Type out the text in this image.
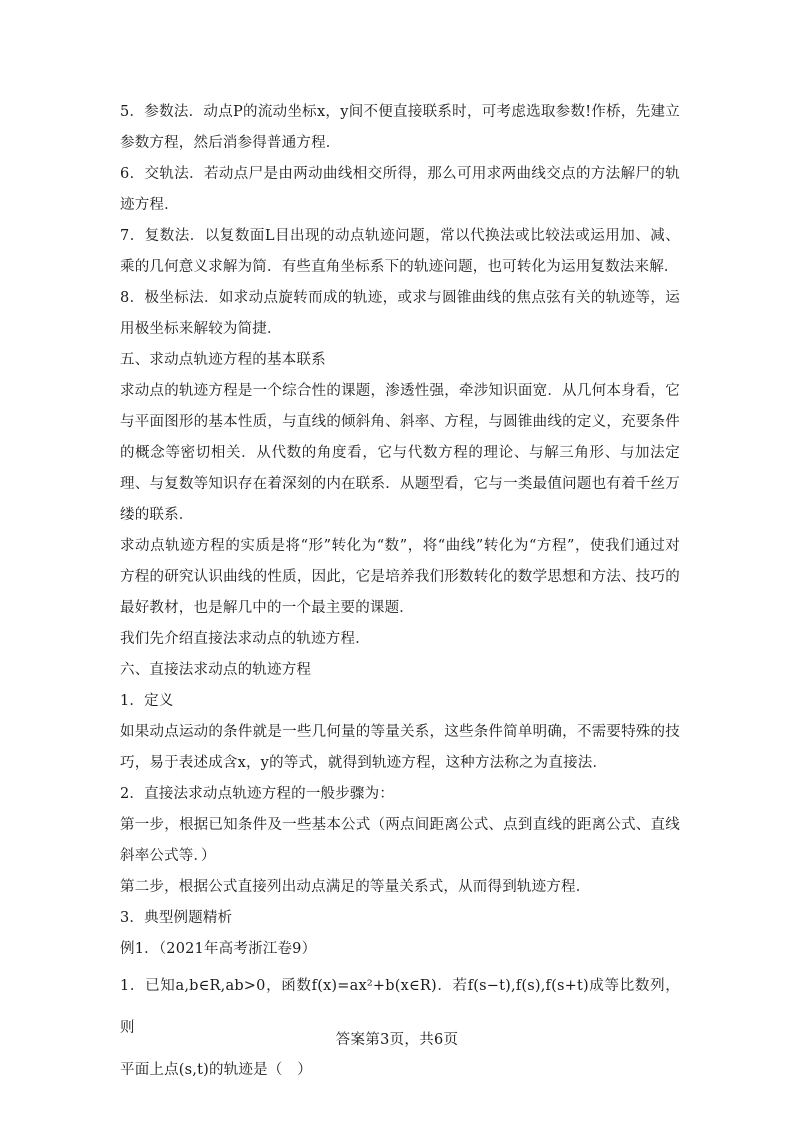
5．参数法．动点P的流动坐标x，y间不便直接联系时，可考虑选取参数!作桥，先建立参数方程，然后消参得普通方程．

6．交轨法．若动点尸是由两动曲线相交所得，那么可用求两曲线交点的方法解尸的轨迹方程．

7．复数法．以复数面L目出现的动点轨迹问题，常以代换法或比较法或运用加、减、乘的几何意义求解为简．有些直角坐标系下的轨迹问题，也可转化为运用复数法来解．

8．极坐标法．如求动点旋转而成的轨迹，或求与圆锥曲线的焦点弦有关的轨迹等，运用极坐标来解较为简捷．

五、求动点轨迹方程的基本联系

求动点的轨迹方程是一个综合性的课题，渗透性强，牵涉知识面宽．从几何本身看，它与平面图形的基本性质，与直线的倾斜角、斜率、方程，与圆锥曲线的定义，充要条件的概念等密切相关．从代数的角度看，它与代数方程的理论、与解三角形、与加法定理、与复数等知识存在着深刻的内在联系．从题型看，它与一类最值问题也有着千丝万缕的联系．

求动点轨迹方程的实质是将“形”转化为“数”，将“曲线”转化为“方程”，使我们通过对方程的研究认识曲线的性质，因此，它是培养我们形数转化的数学思想和方法、技巧的最好教材，也是解几中的一个最主要的课题．

我们先介绍直接法求动点的轨迹方程．

六、直接法求动点的轨迹方程

1．定义

如果动点运动的条件就是一些几何量的等量关系，这些条件简单明确，不需要特殊的技巧，易于表述成含x，y的等式，就得到轨迹方程，这种方法称之为直接法．

2．直接法求动点轨迹方程的一般步骤为：

第一步，根据已知条件及一些基本公式（两点间距离公式、点到直线的距离公式、直线斜率公式等．）

第二步，根据公式直接列出动点满足的等量关系式，从而得到轨迹方程．

3．典型例题精析

例1．（2021年高考浙江卷9）

1．已知a,b∈R,ab>0，函数f(x)=ax²+b(x∈R)．若f(s−t),f(s),f(s+t)成等比数列，则

平面上点(s,t)的轨迹是（　）

答案第3页，共6页
